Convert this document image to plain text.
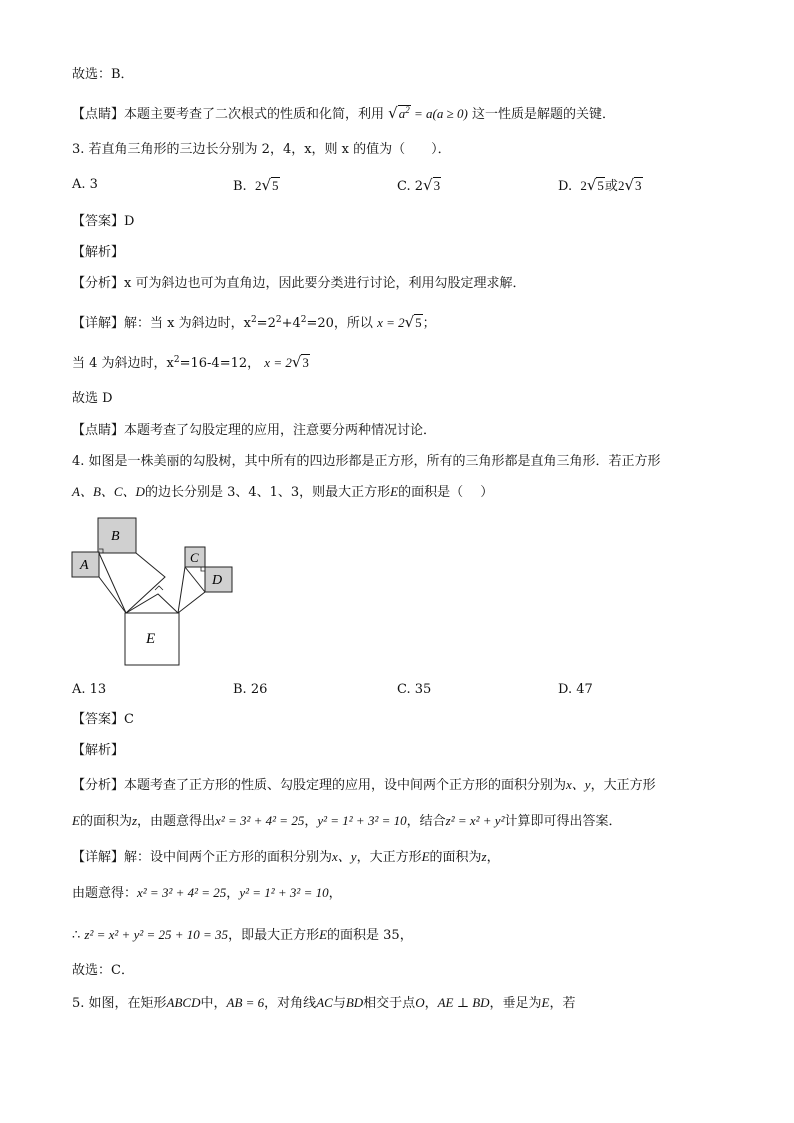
故选：B．
【点睛】本题主要考查了二次根式的性质和化简，利用 $√a^2 = a(a \ge 0)$ 这一性质是解题的关键．
3. 若直角三角形的三边长分别为 2，4，x，则 x 的值为（　　）．
A. 3	B. 2√5	C. 2√3	D. 2√5或2√3
【答案】D
【解析】
【分析】x 可为斜边也可为直角边，因此要分类进行讨论，利用勾股定理求解．
【详解】解：当 x 为斜边时，$x^2=2^2+4^2=20$，所以 x = 2√5；
当 4 为斜边时，$x^2=16-4=12$， x = 2√3
故选 D
【点睛】本题考查了勾股定理的应用，注意要分两种情况讨论．
4. 如图是一株美丽的勾股树，其中所有的四边形都是正方形，所有的三角形都是直角三角形．若正方形
A、B、C、D的边长分别是 3、4、1、3，则最大正方形E的面积是（　 ）
B
A
C
D
E
A. 13	B. 26	C. 35	D. 47
【答案】C
【解析】
【分析】本题考查了正方形的性质、勾股定理的应用，设中间两个正方形的面积分别为x、y，大正方形
E的面积为z，由题意得出x² = 3² + 4² = 25，y² = 1² + 3² = 10，结合z² = x² + y²计算即可得出答案．
【详解】解：设中间两个正方形的面积分别为x、y，大正方形E的面积为z，
由题意得：x² = 3² + 4² = 25，y² = 1² + 3² = 10，
∴ z² = x² + y² = 25 + 10 = 35，即最大正方形E的面积是 35，
故选：C．
5. 如图，在矩形ABCD中，AB = 6，对角线AC与BD相交于点O，AE ⊥ BD，垂足为E，若
